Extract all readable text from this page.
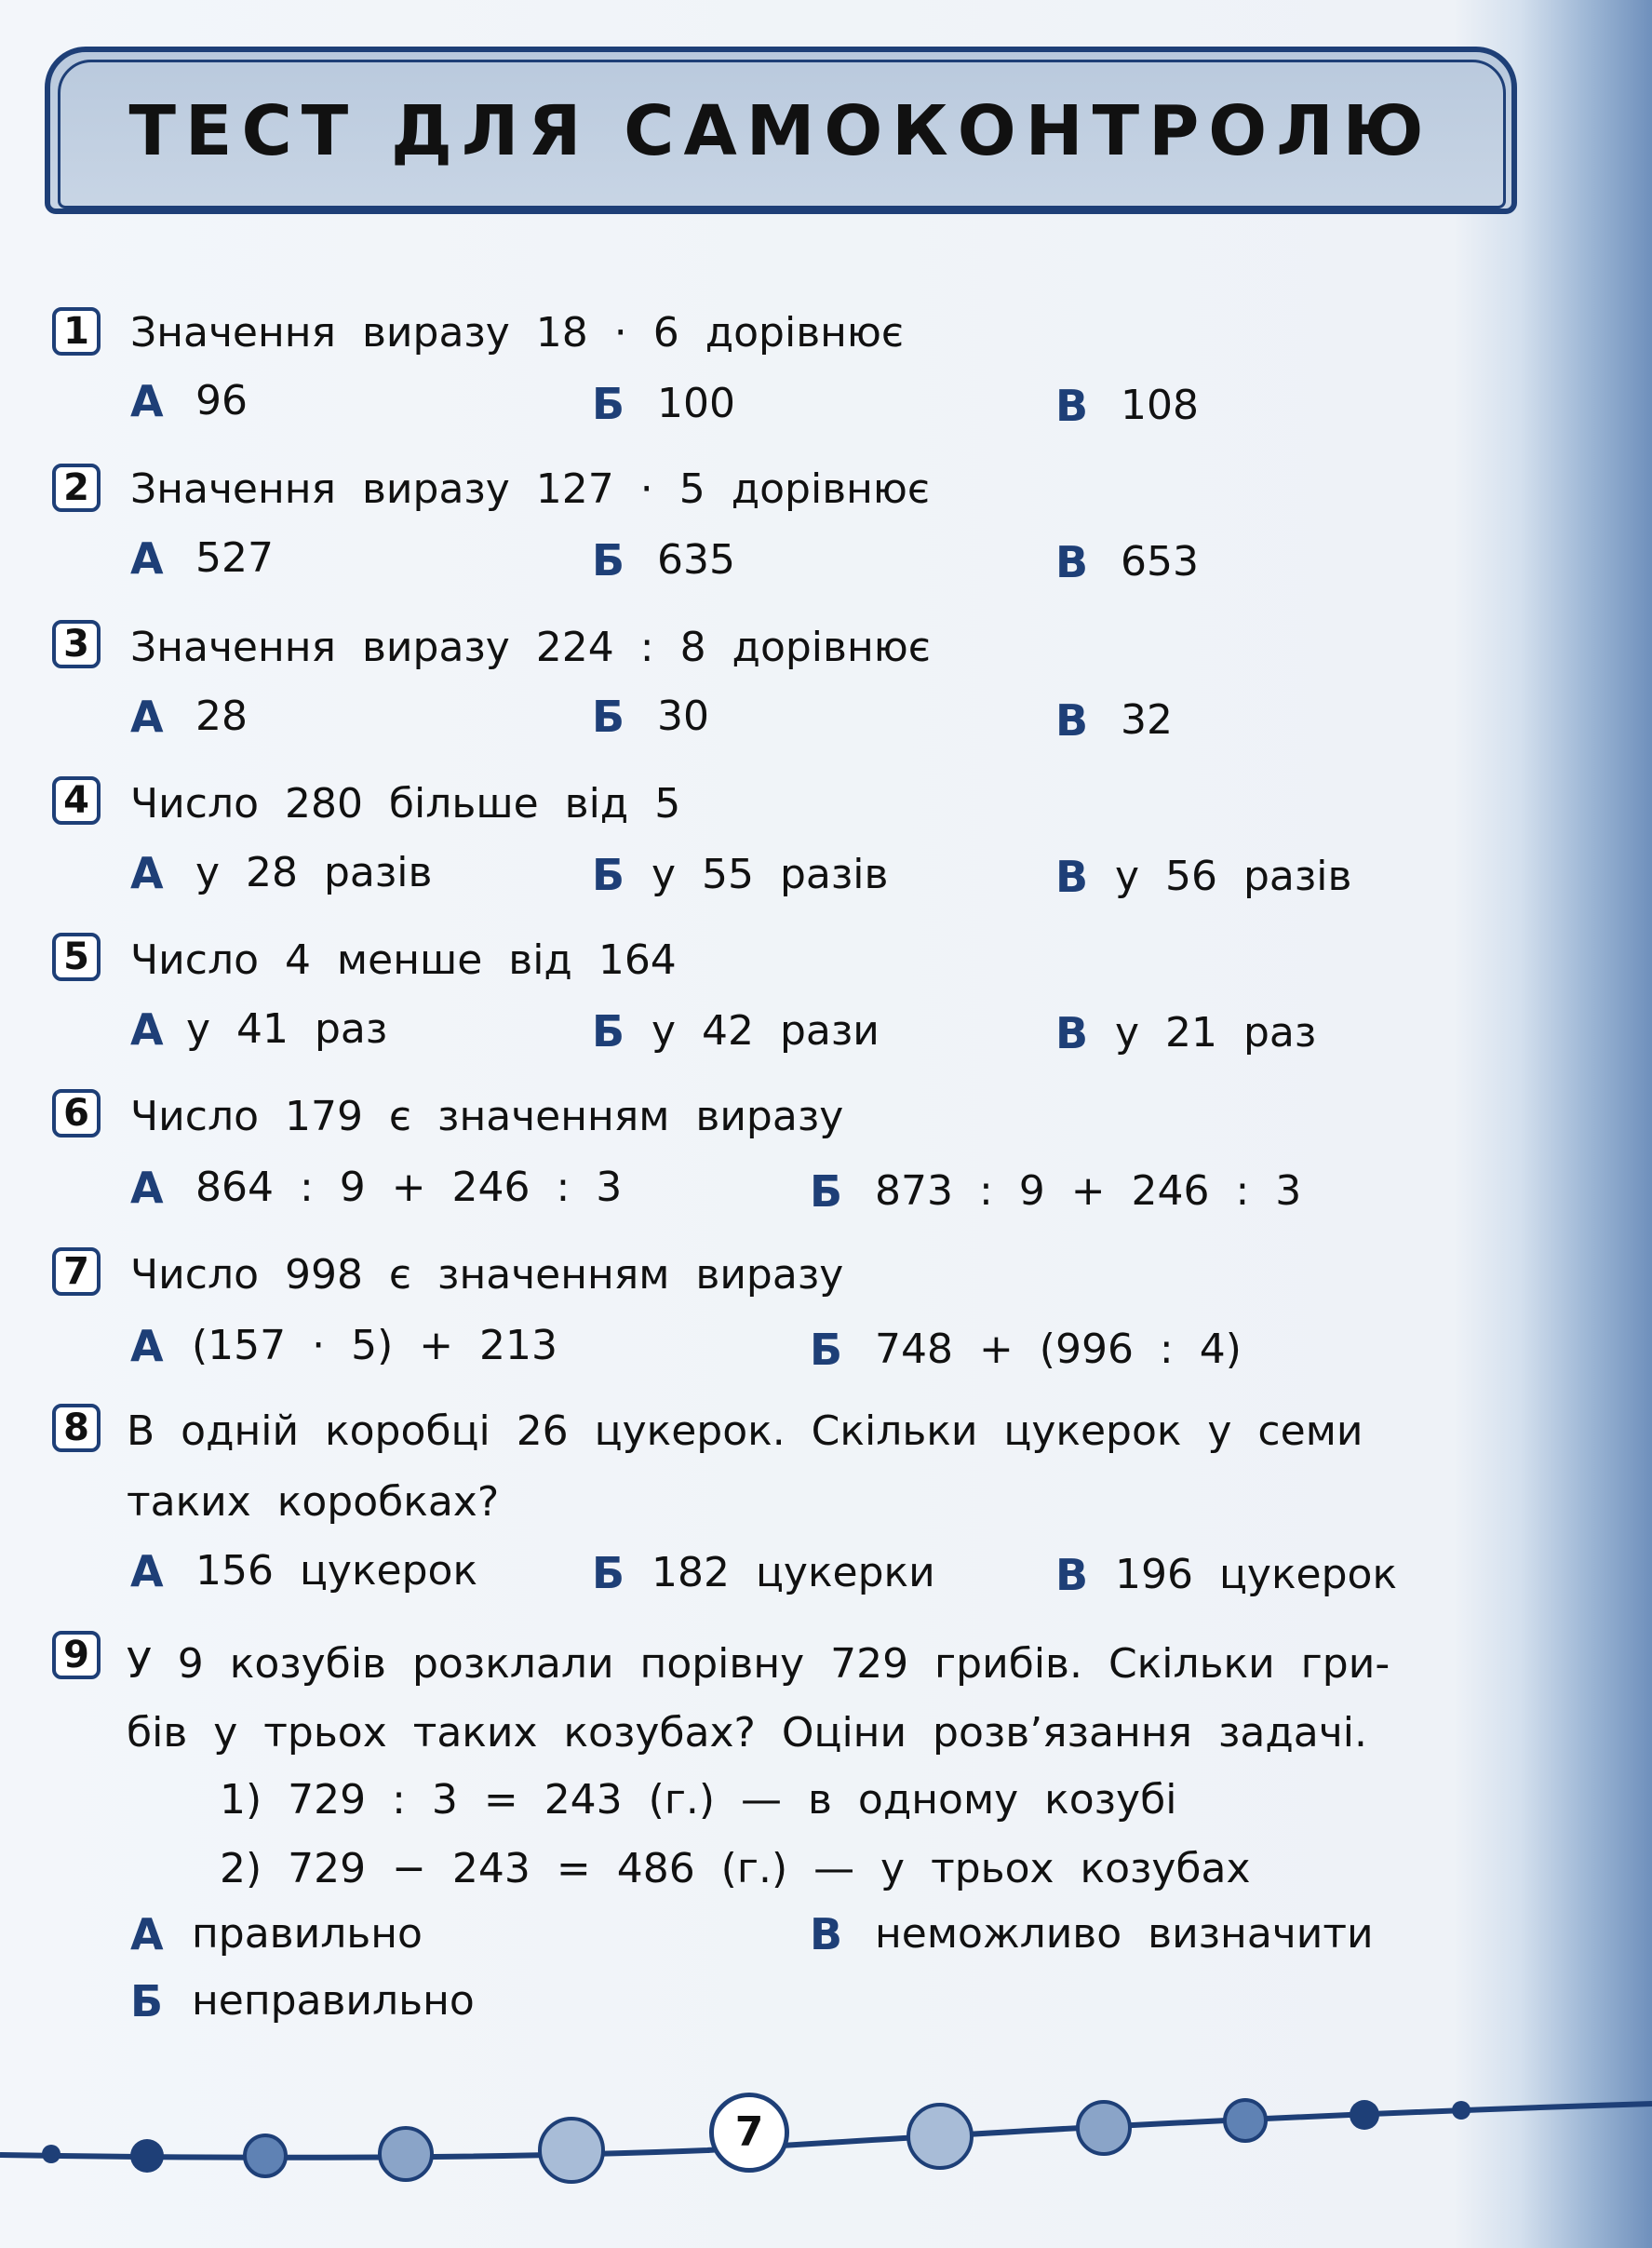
ТЕСТ ДЛЯ САМОКОНТРОЛЮ
1 Значення  виразу  18  ·  6  дорівнює
А 96	Б 100	В 108
2 Значення  виразу  127  ·  5  дорівнює
А 527	Б 635	В 653
3 Значення  виразу  224  :  8  дорівнює
А 28	Б 30	В 32
4 Число  280  більше  від  5
А у  28  разів	Б у  55  разів	В у  56  разів
5 Число  4  менше  від  164
А у  41  раз	Б у  42  рази	В у  21  раз
6 Число  179  є  значенням  виразу
А 864  :  9  +  246  :  3	Б 873  :  9  +  246  :  3
7 Число  998  є  значенням  виразу
А (157  ·  5)  +  213	Б 748  +  (996  :  4)
8 В  одній  коробці  26  цукерок.  Скільки  цукерок  у  семи
таких  коробках?
А 156  цукерок	Б 182  цукерки	В 196  цукерок
9 У  9  козубів  розклали  порівну  729  грибів.  Скільки  гри-
бів  у  трьох  таких  козубах?  Оціни  розв’язання  задачі.
1)  729  :  3  =  243  (г.)  —  в  одному  козубі
2)  729  −  243  =  486  (г.)  —  у  трьох  козубах
А правильно	В неможливо  визначити
Б неправильно
7
